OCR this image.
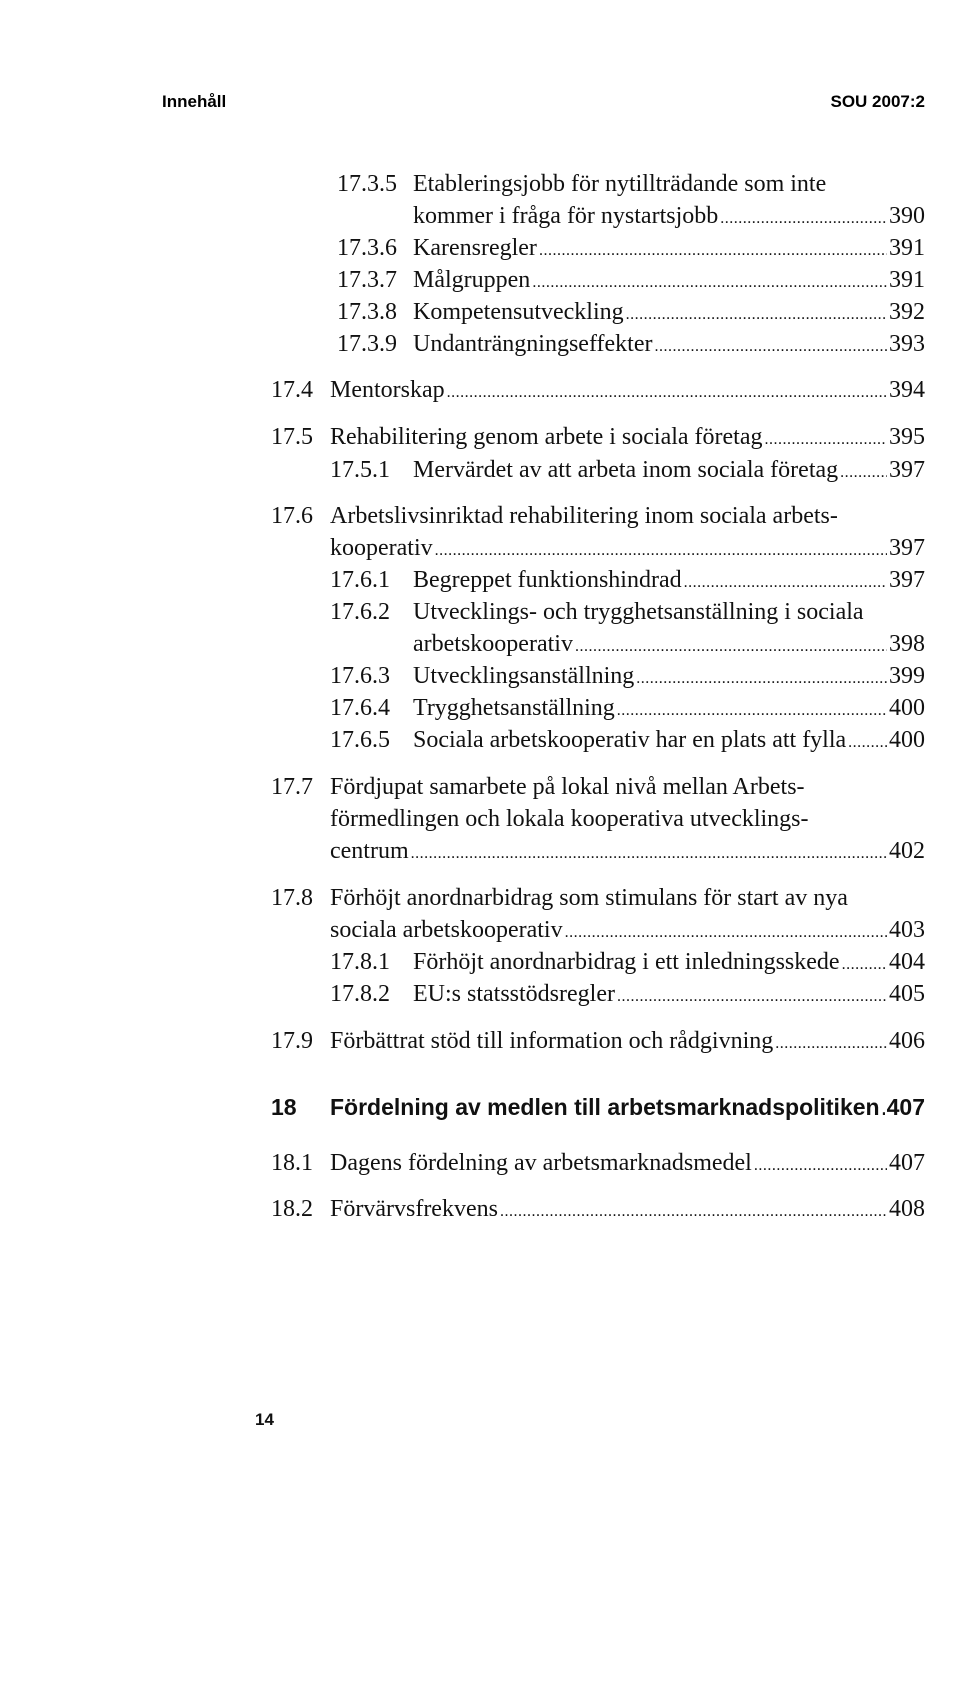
Innehåll	SOU 2007:2
17.3.5 Etableringsjobb för nytillträdande som inte
kommer i fråga för nystartsjobb .....	390
17.3.6 Karensregler .....	391
17.3.7 Målgruppen .....	391
17.3.8 Kompetensutveckling .....	392
17.3.9 Undanträngningseffekter .....	393
17.4 Mentorskap .....	394
17.5 Rehabilitering genom arbete i sociala företag .....	395
17.5.1 Mervärdet av att arbeta inom sociala företag ..... 397
17.6 Arbetslivsinriktad rehabilitering inom sociala arbets-
kooperativ .....	397
17.6.1 Begreppet funktionshindrad .....	397
17.6.2 Utvecklings- och trygghetsanställning i sociala
arbetskooperativ .....	398
17.6.3 Utvecklingsanställning .....	399
17.6.4 Trygghetsanställning .....	400
17.6.5 Sociala arbetskooperativ har en plats att fylla ..... 400
17.7 Fördjupat samarbete på lokal nivå mellan Arbets-
förmedlingen och lokala kooperativa utvecklings-
centrum .....	402
17.8 Förhöjt anordnarbidrag som stimulans för start av nya
sociala arbetskooperativ .....	403
17.8.1 Förhöjt anordnarbidrag i ett inledningsskede ..... 404
17.8.2 EU:s statsstödsregler .....	405
17.9 Förbättrat stöd till information och rådgivning .....	406
18	Fördelning av medlen till arbetsmarknadspolitiken ..... 407
18.1 Dagens fördelning av arbetsmarknadsmedel .....	407
18.2 Förvärvsfrekvens .....	408
14
